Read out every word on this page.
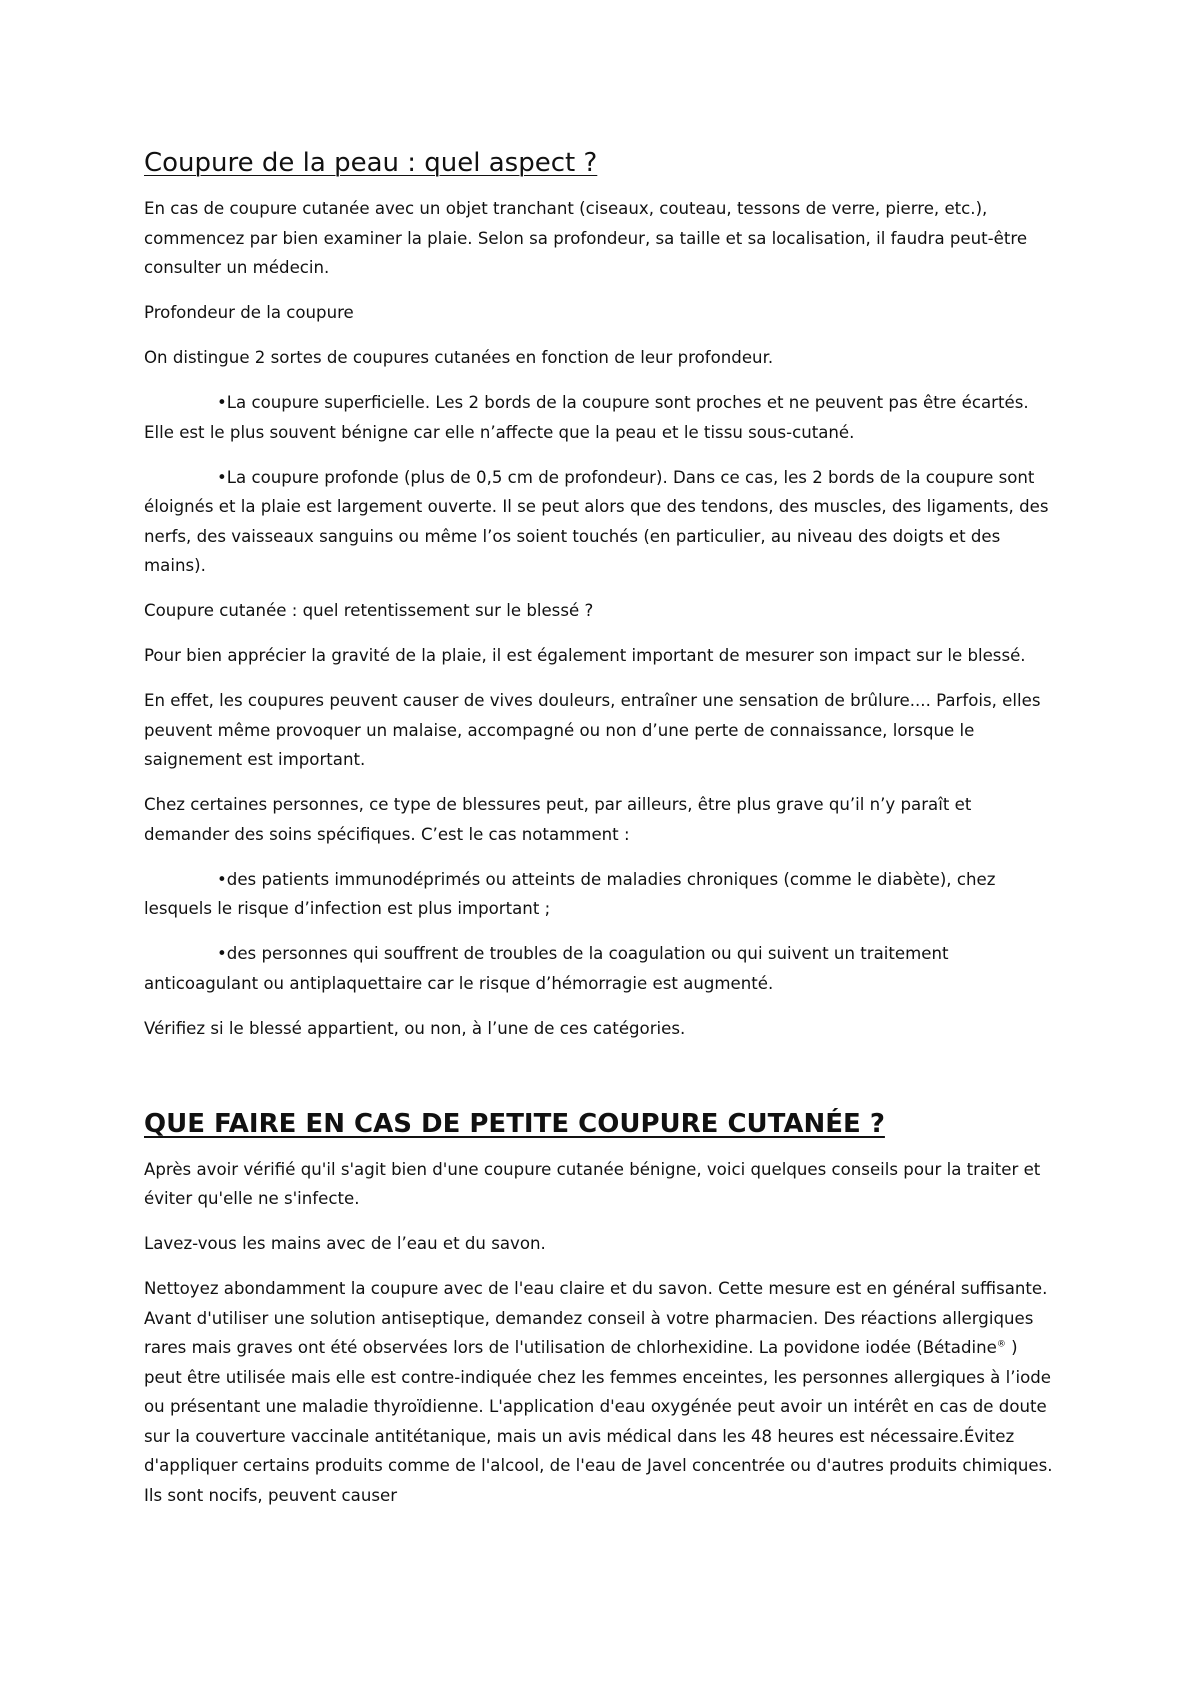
Coupure de la peau : quel aspect ?

En cas de coupure cutanée avec un objet tranchant (ciseaux, couteau, tessons de verre, pierre, etc.), commencez par bien examiner la plaie. Selon sa profondeur, sa taille et sa localisation, il faudra peut-être consulter un médecin.

Profondeur de la coupure

On distingue 2 sortes de coupures cutanées en fonction de leur profondeur.

•La coupure superficielle. Les 2 bords de la coupure sont proches et ne peuvent pas être écartés. Elle est le plus souvent bénigne car elle n’affecte que la peau et le tissu sous-cutané.

•La coupure profonde (plus de 0,5 cm de profondeur). Dans ce cas, les 2 bords de la coupure sont éloignés et la plaie est largement ouverte. Il se peut alors que des tendons, des muscles, des ligaments, des nerfs, des vaisseaux sanguins ou même l’os soient touchés (en particulier, au niveau des doigts et des mains).

Coupure cutanée : quel retentissement sur le blessé ?

Pour bien apprécier la gravité de la plaie, il est également important de mesurer son impact sur le blessé.

En effet, les coupures peuvent causer de vives douleurs, entraîner une sensation de brûlure.... Parfois, elles peuvent même provoquer un malaise, accompagné ou non d’une perte de connaissance, lorsque le saignement est important.

Chez certaines personnes, ce type de blessures peut, par ailleurs, être plus grave qu’il n’y paraît et demander des soins spécifiques. C’est le cas notamment :

•des patients immunodéprimés ou atteints de maladies chroniques (comme le diabète), chez lesquels le risque d’infection est plus important ;

•des personnes qui souffrent de troubles de la coagulation ou qui suivent un traitement anticoagulant ou antiplaquettaire car le risque d’hémorragie est augmenté.

Vérifiez si le blessé appartient, ou non, à l’une de ces catégories.

QUE FAIRE EN CAS DE PETITE COUPURE CUTANÉE ?

Après avoir vérifié qu'il s'agit bien d'une coupure cutanée bénigne, voici quelques conseils pour la traiter et éviter qu'elle ne s'infecte.

Lavez-vous les mains avec de l’eau et du savon.

Nettoyez abondamment la coupure avec de l'eau claire et du savon. Cette mesure est en général suffisante. Avant d'utiliser une solution antiseptique, demandez conseil à votre pharmacien. Des réactions allergiques rares mais graves ont été observées lors de l'utilisation de chlorhexidine. La povidone iodée (Bétadine® ) peut être utilisée mais elle est contre-indiquée chez les femmes enceintes, les personnes allergiques à l’iode ou présentant une maladie thyroïdienne. L'application d'eau oxygénée peut avoir un intérêt en cas de doute sur la couverture vaccinale antitétanique, mais un avis médical dans les 48 heures est nécessaire.Évitez d'appliquer certains produits comme de l'alcool, de l'eau de Javel concentrée ou d'autres produits chimiques. Ils sont nocifs, peuvent causer
